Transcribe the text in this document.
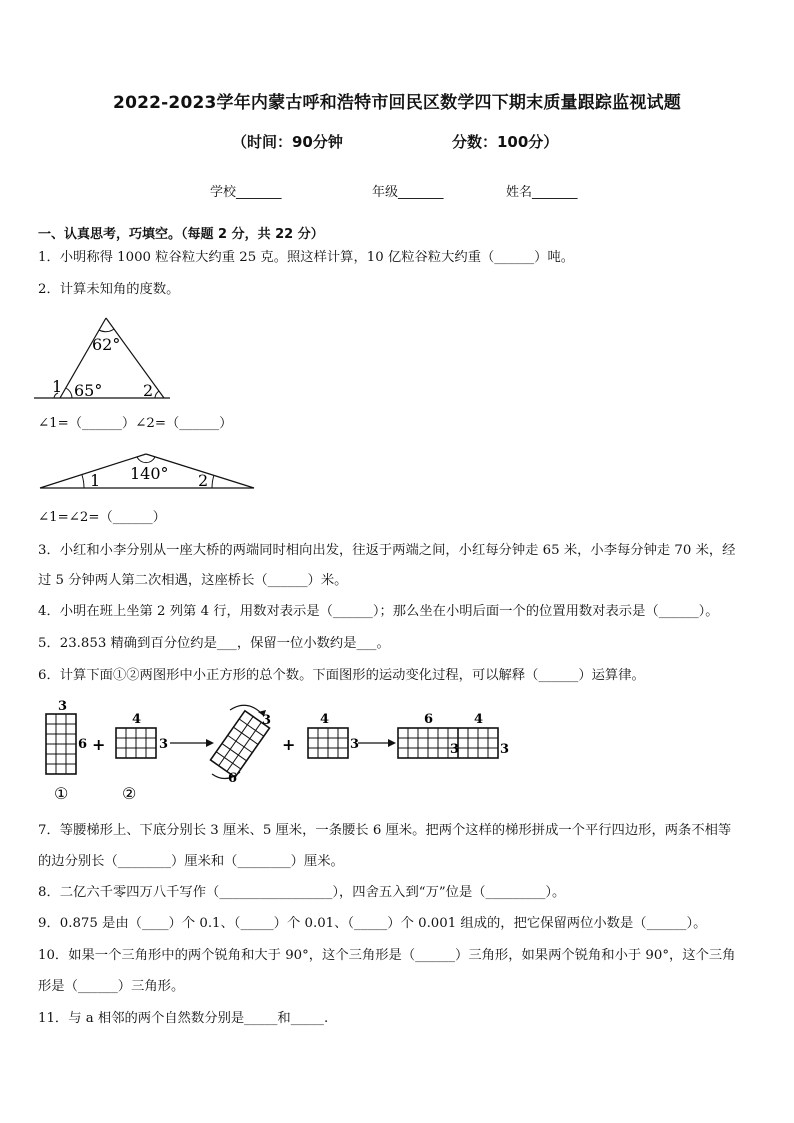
2022-2023学年内蒙古呼和浩特市回民区数学四下期末质量跟踪监视试题
（时间：90分钟	分数：100分）
学校_______	年级_______	姓名_______
一、认真思考，巧填空。（每题 2 分，共 22 分）
1．小明称得 1000 粒谷粒大约重 25 克。照这样计算，10 亿粒谷粒大约重（______）吨。
2．计算未知角的度数。
62°
65°
1	2
∠1=（______）∠2=（______）
140°
1	2
∠1=∠2=（______）
3．小红和小李分别从一座大桥的两端同时相向出发，往返于两端之间，小红每分钟走 65 米，小李每分钟走 70 米，经
过 5 分钟两人第二次相遇，这座桥长（______）米。
4．小明在班上坐第 2 列第 4 行，用数对表示是（______）；那么坐在小明后面一个的位置用数对表示是（______）。
5．23.853 精确到百分位约是___，保留一位小数约是___。
6．计算下面①②两图形中小正方形的总个数。下面图形的运动变化过程，可以解释（______）运算律。
3
6
①
+
4
3
②
3
6
+
4
3
6	4
3	3
7．等腰梯形上、下底分别长 3 厘米、5 厘米，一条腰长 6 厘米。把两个这样的梯形拼成一个平行四边形，两条不相等
的边分别长（________）厘米和（________）厘米。
8．二亿六千零四万八千写作（_________________），四舍五入到“万”位是（_________）。
9．0.875 是由（____）个 0.1、（_____）个 0.01、（_____）个 0.001 组成的，把它保留两位小数是（______）。
10．如果一个三角形中的两个锐角和大于 90°，这个三角形是（______）三角形，如果两个锐角和小于 90°，这个三角
形是（______）三角形。
11．与 a 相邻的两个自然数分别是_____和_____.
